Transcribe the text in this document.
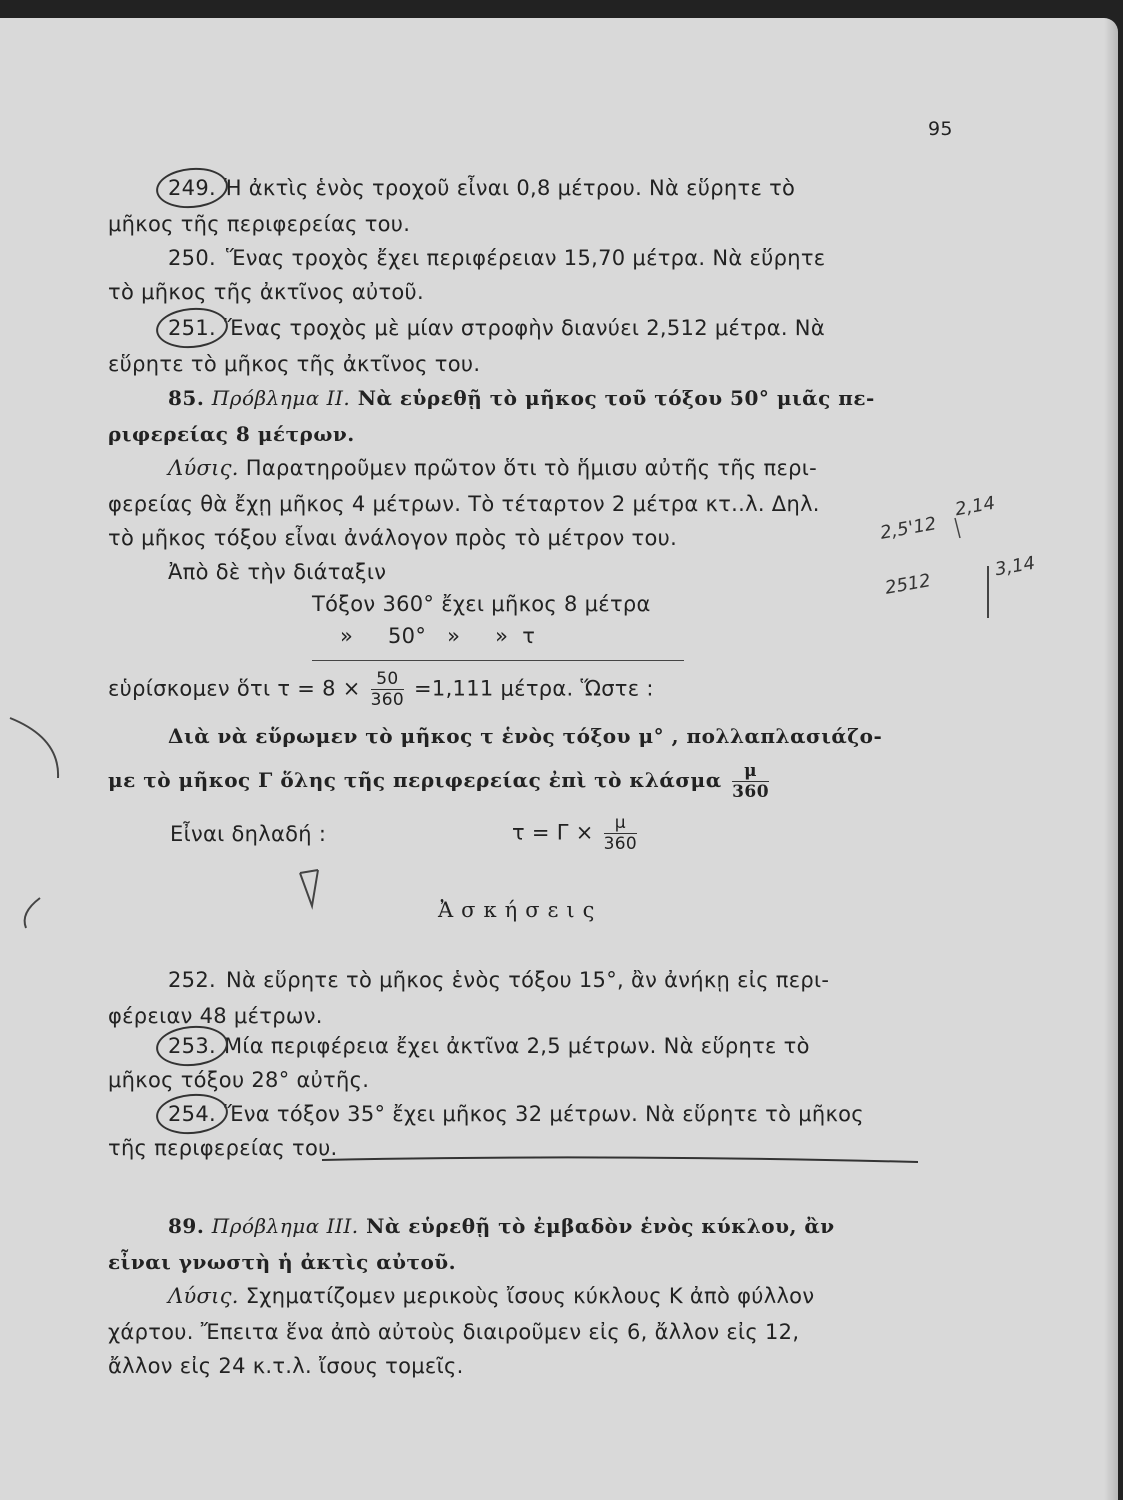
95
249. Ἡ ἀκτὶς ἑνὸς τροχοῦ εἶναι 0,8 μέτρου. Νὰ εὕρητε τὸ
μῆκος τῆς περιφερείας του.
250. Ἕνας τροχὸς ἔχει περιφέρειαν 15,70 μέτρα. Νὰ εὕρητε
τὸ μῆκος τῆς ἀκτῖνος αὐτοῦ.
251. Ἕνας τροχὸς μὲ μίαν στροφὴν διανύει 2,512 μέτρα. Νὰ
εὕρητε τὸ μῆκος τῆς ἀκτῖνος του.
85. Πρόβλημα ΙΙ. Νὰ εὑρεθῇ τὸ μῆκος τοῦ τόξου 50° μιᾶς πε-
ριφερείας 8 μέτρων.
Λύσις. Παρατηροῦμεν πρῶτον ὅτι τὸ ἥμισυ αὐτῆς τῆς περι-
φερείας θὰ ἔχῃ μῆκος 4 μέτρων. Τὸ τέταρτον 2 μέτρα κτ..λ. Δηλ.
τὸ μῆκος τόξου εἶναι ἀνάλογον πρὸς τὸ μέτρον του.
Ἀπὸ δὲ τὴν διάταξιν
Τόξον 360° ἔχει μῆκος 8 μέτρα
»     50°   »     »  τ
εὑρίσκομεν ὅτι $\tau = 8 \times \frac{50}{360} =1,111$ μέτρα. Ὥστε :
Διὰ νὰ εὕρωμεν τὸ μῆκος τ ἑνὸς τόξου μ° , πολλαπλασιάζο-
με τὸ μῆκος Γ ὅλης τῆς περιφερείας ἐπὶ τὸ κλάσμα $\frac{\mu}{360}$
Εἶναι δηλαδή :	$\tau = \Gamma \times \frac{\mu}{360}$
Ἀσκήσεις
252. Νὰ εὕρητε τὸ μῆκος ἑνὸς τόξου 15°, ἂν ἀνήκῃ εἰς περι-
φέρειαν 48 μέτρων.
253. Μία περιφέρεια ἔχει ἀκτῖνα 2,5 μέτρων. Νὰ εὕρητε τὸ
μῆκος τόξου 28° αὐτῆς.
254. Ἕνα τόξον 35° ἔχει μῆκος 32 μέτρων. Νὰ εὕρητε τὸ μῆκος
τῆς περιφερείας του.
2,14
2,5'12
3,14
2512
89. Πρόβλημα ΙΙΙ. Νὰ εὑρεθῇ τὸ ἐμβαδὸν ἑνὸς κύκλου, ἂν
εἶναι γνωστὴ ἡ ἀκτὶς αὐτοῦ.
Λύσις. Σχηματίζομεν μερικοὺς ἴσους κύκλους Κ ἀπὸ φύλλον
χάρτου. Ἔπειτα ἕνα ἀπὸ αὐτοὺς διαιροῦμεν εἰς 6, ἄλλον εἰς 12,
ἄλλον εἰς 24 κ.τ.λ. ἴσους τομεῖς.
